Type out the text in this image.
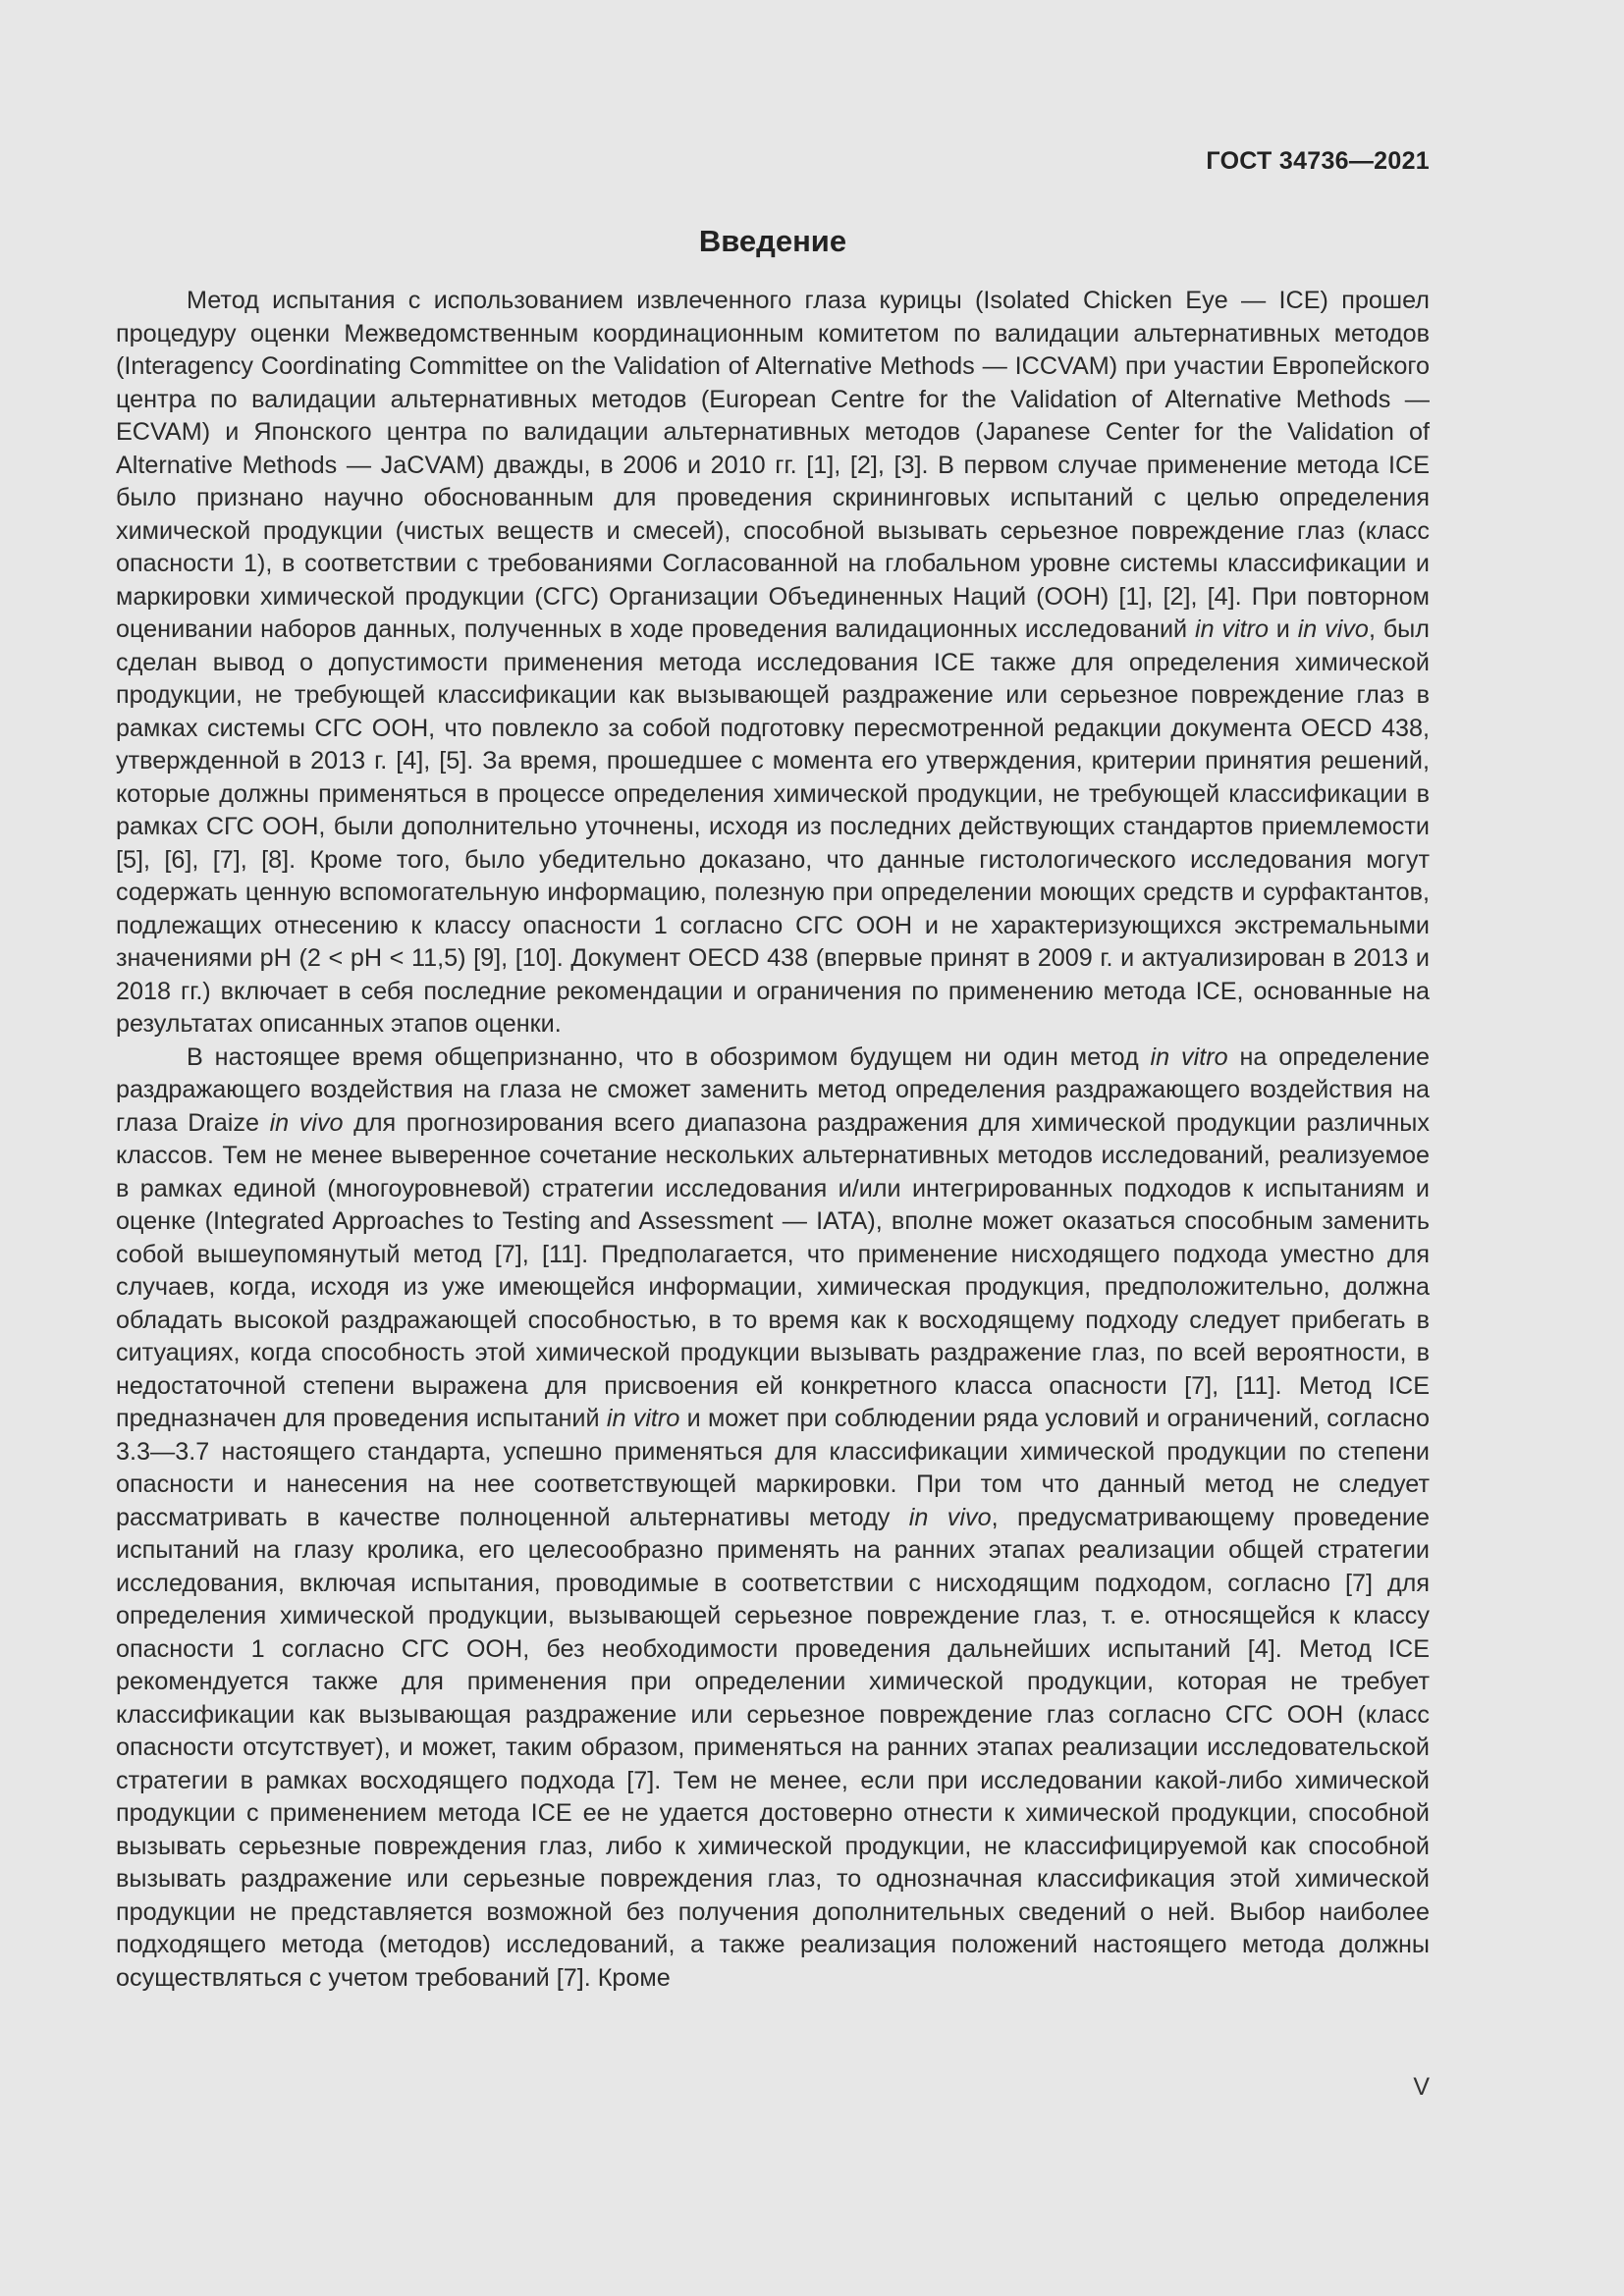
ГОСТ 34736—2021
Введение

Метод испытания с использованием извлеченного глаза курицы (Isolated Chicken Eye — ICE) прошел процедуру оценки Межведомственным координационным комитетом по валидации альтернативных методов (Interagency Coordinating Committee on the Validation of Alternative Methods — ICCVAM) при участии Европейского центра по валидации альтернативных методов (European Centre for the Validation of Alternative Methods — ECVAM) и Японского центра по валидации альтернативных методов (Japanese Center for the Validation of Alternative Methods — JaCVAM) дважды, в 2006 и 2010 гг. [1], [2], [3]. В первом случае применение метода ICE было признано научно обоснованным для проведения скрининговых испытаний с целью определения химической продукции (чистых веществ и смесей), способной вызывать серьезное повреждение глаз (класс опасности 1), в соответствии с требованиями Согласованной на глобальном уровне системы классификации и маркировки химической продукции (СГС) Организации Объединенных Наций (ООН) [1], [2], [4]. При повторном оценивании наборов данных, полученных в ходе проведения валидационных исследований in vitro и in vivo, был сделан вывод о допустимости применения метода исследования ICE также для определения химической продукции, не требующей классификации как вызывающей раздражение или серьезное повреждение глаз в рамках системы СГС ООН, что повлекло за собой подготовку пересмотренной редакции документа OECD 438, утвержденной в 2013 г. [4], [5]. За время, прошедшее с момента его утверждения, критерии принятия решений, которые должны применяться в процессе определения химической продукции, не требующей классификации в рамках СГС ООН, были дополнительно уточнены, исходя из последних действующих стандартов приемлемости [5], [6], [7], [8]. Кроме того, было убедительно доказано, что данные гистологического исследования могут содержать ценную вспомогательную информацию, полезную при определении моющих средств и сурфактантов, подлежащих отнесению к классу опасности 1 согласно СГС ООН и не характеризующихся экстремальными значениями pH (2 < pH < 11,5) [9], [10]. Документ OECD 438 (впервые принят в 2009 г. и актуализирован в 2013 и 2018 гг.) включает в себя последние рекомендации и ограничения по применению метода ICE, основанные на результатах описанных этапов оценки.

В настоящее время общепризнанно, что в обозримом будущем ни один метод in vitro на определение раздражающего воздействия на глаза не сможет заменить метод определения раздражающего воздействия на глаза Draize in vivo для прогнозирования всего диапазона раздражения для химической продукции различных классов. Тем не менее выверенное сочетание нескольких альтернативных методов исследований, реализуемое в рамках единой (многоуровневой) стратегии исследования и/или интегрированных подходов к испытаниям и оценке (Integrated Approaches to Testing and Assessment — IATA), вполне может оказаться способным заменить собой вышеупомянутый метод [7], [11]. Предполагается, что применение нисходящего подхода уместно для случаев, когда, исходя из уже имеющейся информации, химическая продукция, предположительно, должна обладать высокой раздражающей способностью, в то время как к восходящему подходу следует прибегать в ситуациях, когда способность этой химической продукции вызывать раздражение глаз, по всей вероятности, в недостаточной степени выражена для присвоения ей конкретного класса опасности [7], [11]. Метод ICE предназначен для проведения испытаний in vitro и может при соблюдении ряда условий и ограничений, согласно 3.3—3.7 настоящего стандарта, успешно применяться для классификации химической продукции по степени опасности и нанесения на нее соответствующей маркировки. При том что данный метод не следует рассматривать в качестве полноценной альтернативы методу in vivo, предусматривающему проведение испытаний на глазу кролика, его целесообразно применять на ранних этапах реализации общей стратегии исследования, включая испытания, проводимые в соответствии с нисходящим подходом, согласно [7] для определения химической продукции, вызывающей серьезное повреждение глаз, т. е. относящейся к классу опасности 1 согласно СГС ООН, без необходимости проведения дальнейших испытаний [4]. Метод ICE рекомендуется также для применения при определении химической продукции, которая не требует классификации как вызывающая раздражение или серьезное повреждение глаз согласно СГС ООН (класс опасности отсутствует), и может, таким образом, применяться на ранних этапах реализации исследовательской стратегии в рамках восходящего подхода [7]. Тем не менее, если при исследовании какой-либо химической продукции с применением метода ICE ее не удается достоверно отнести к химической продукции, способной вызывать серьезные повреждения глаз, либо к химической продукции, не классифицируемой как способной вызывать раздражение или серьезные повреждения глаз, то однозначная классификация этой химической продукции не представляется возможной без получения дополнительных сведений о ней. Выбор наиболее подходящего метода (методов) исследований, а также реализация положений настоящего метода должны осуществляться с учетом требований [7]. Кроме

V
